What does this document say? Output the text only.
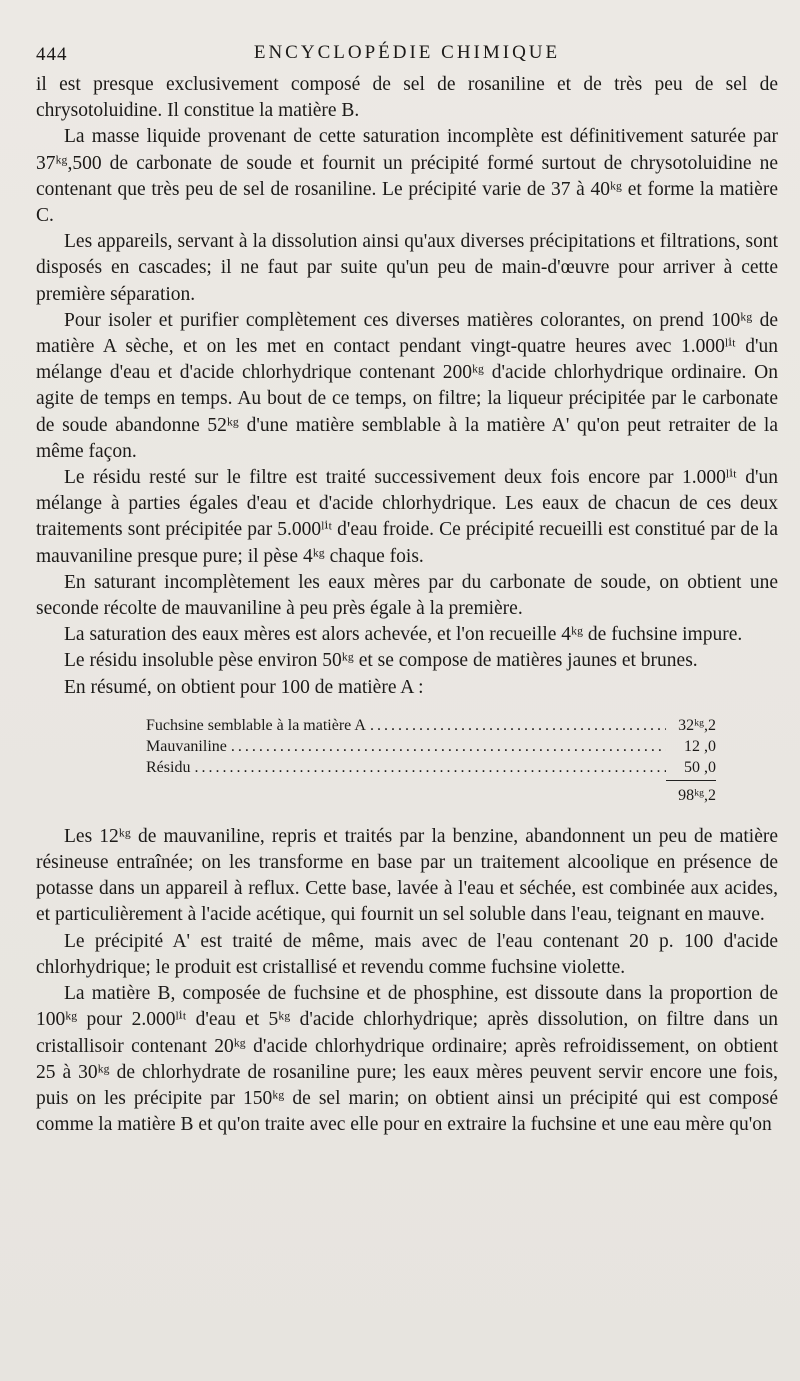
444	ENCYCLOPÉDIE CHIMIQUE

il est presque exclusivement composé de sel de rosaniline et de très peu de sel de chrysotoluidine. Il constitue la matière B.

La masse liquide provenant de cette saturation incomplète est définitivement saturée par 37ᵏᵍ,500 de carbonate de soude et fournit un précipité formé surtout de chrysotoluidine ne contenant que très peu de sel de rosaniline. Le précipité varie de 37 à 40ᵏᵍ et forme la matière C.

Les appareils, servant à la dissolution ainsi qu'aux diverses précipitations et filtrations, sont disposés en cascades; il ne faut par suite qu'un peu de main-d'œuvre pour arriver à cette première séparation.

Pour isoler et purifier complètement ces diverses matières colorantes, on prend 100ᵏᵍ de matière A sèche, et on les met en contact pendant vingt-quatre heures avec 1.000ˡⁱᵗ d'un mélange d'eau et d'acide chlorhydrique contenant 200ᵏᵍ d'acide chlorhydrique ordinaire. On agite de temps en temps. Au bout de ce temps, on filtre; la liqueur précipitée par le carbonate de soude abandonne 52ᵏᵍ d'une matière semblable à la matière A' qu'on peut retraiter de la même façon.

Le résidu resté sur le filtre est traité successivement deux fois encore par 1.000ˡⁱᵗ d'un mélange à parties égales d'eau et d'acide chlorhydrique. Les eaux de chacun de ces deux traitements sont précipitée par 5.000ˡⁱᵗ d'eau froide. Ce précipité recueilli est constitué par de la mauvaniline presque pure; il pèse 4ᵏᵍ chaque fois.

En saturant incomplètement les eaux mères par du carbonate de soude, on obtient une seconde récolte de mauvaniline à peu près égale à la première.

La saturation des eaux mères est alors achevée, et l'on recueille 4ᵏᵍ de fuchsine impure.

Le résidu insoluble pèse environ 50ᵏᵍ et se compose de matières jaunes et brunes.

En résumé, on obtient pour 100 de matière A :

Fuchsine semblable à la matière A .....	32ᵏᵍ,2
Mauvaniline .....	12 ,0
Résidu .....	50 ,0
98ᵏᵍ,2

Les 12ᵏᵍ de mauvaniline, repris et traités par la benzine, abandonnent un peu de matière résineuse entraînée; on les transforme en base par un traitement alcoolique en présence de potasse dans un appareil à reflux. Cette base, lavée à l'eau et séchée, est combinée aux acides, et particulièrement à l'acide acétique, qui fournit un sel soluble dans l'eau, teignant en mauve.

Le précipité A' est traité de même, mais avec de l'eau contenant 20 p. 100 d'acide chlorhydrique; le produit est cristallisé et revendu comme fuchsine violette.

La matière B, composée de fuchsine et de phosphine, est dissoute dans la proportion de 100ᵏᵍ pour 2.000ˡⁱᵗ d'eau et 5ᵏᵍ d'acide chlorhydrique; après dissolution, on filtre dans un cristallisoir contenant 20ᵏᵍ d'acide chlorhydrique ordinaire; après refroidissement, on obtient 25 à 30ᵏᵍ de chlorhydrate de rosaniline pure; les eaux mères peuvent servir encore une fois, puis on les précipite par 150ᵏᵍ de sel marin; on obtient ainsi un précipité qui est composé comme la matière B et qu'on traite avec elle pour en extraire la fuchsine et une eau mère qu'on
